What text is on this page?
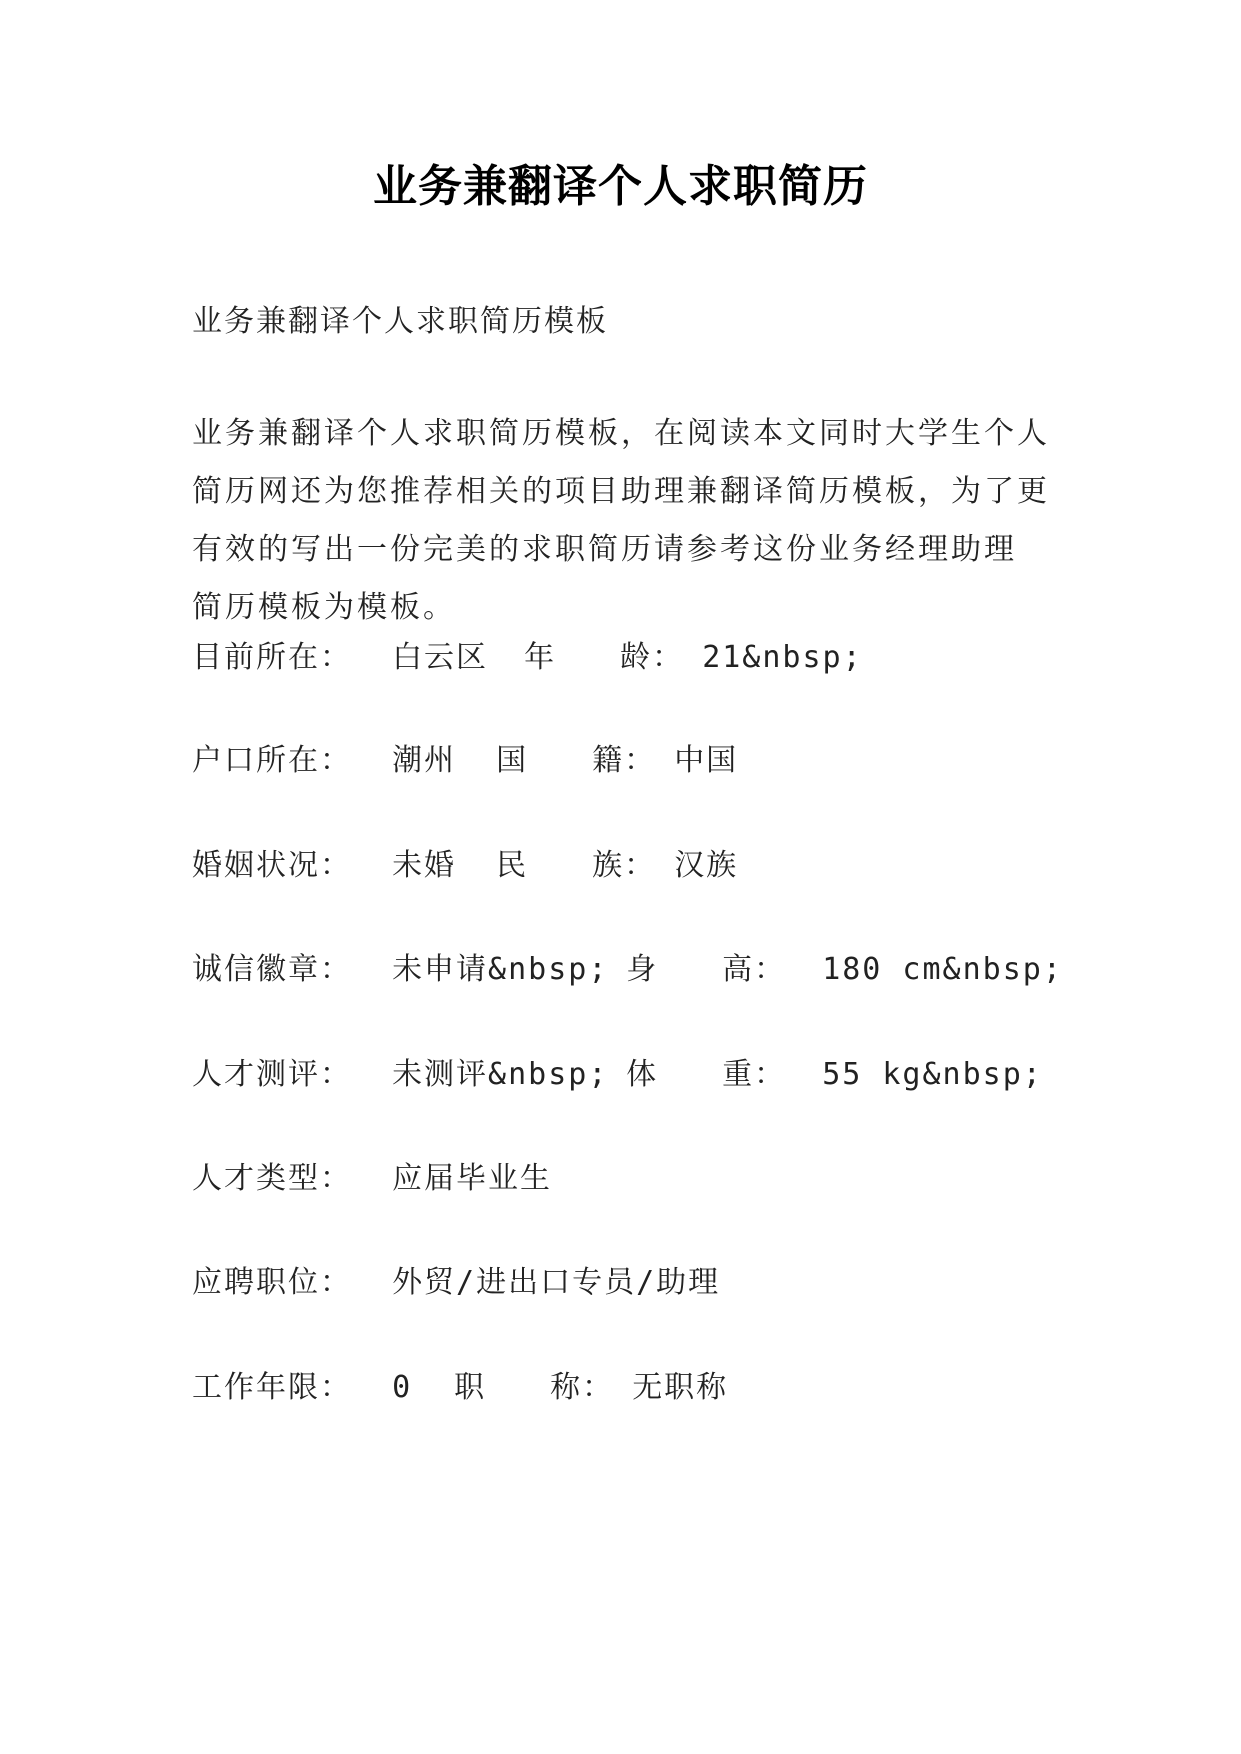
业务兼翻译个人求职简历
业务兼翻译个人求职简历模板
业务兼翻译个人求职简历模板，在阅读本文同时大学生个人
简历网还为您推荐相关的项目助理兼翻译简历模板，为了更
有效的写出一份完美的求职简历请参考这份业务经理助理
简历模板为模板。
目前所在： 白云区 年　　龄： 21&nbsp;
户口所在： 潮州 国　　籍： 中国
婚姻状况： 未婚 民　　族： 汉族
诚信徽章： 未申请&nbsp; 身　　高： 180 cm&nbsp;
人才测评： 未测评&nbsp; 体　　重： 55 kg&nbsp;
人才类型： 应届毕业生
应聘职位： 外贸/进出口专员/助理
工作年限： 0 职　　称： 无职称
